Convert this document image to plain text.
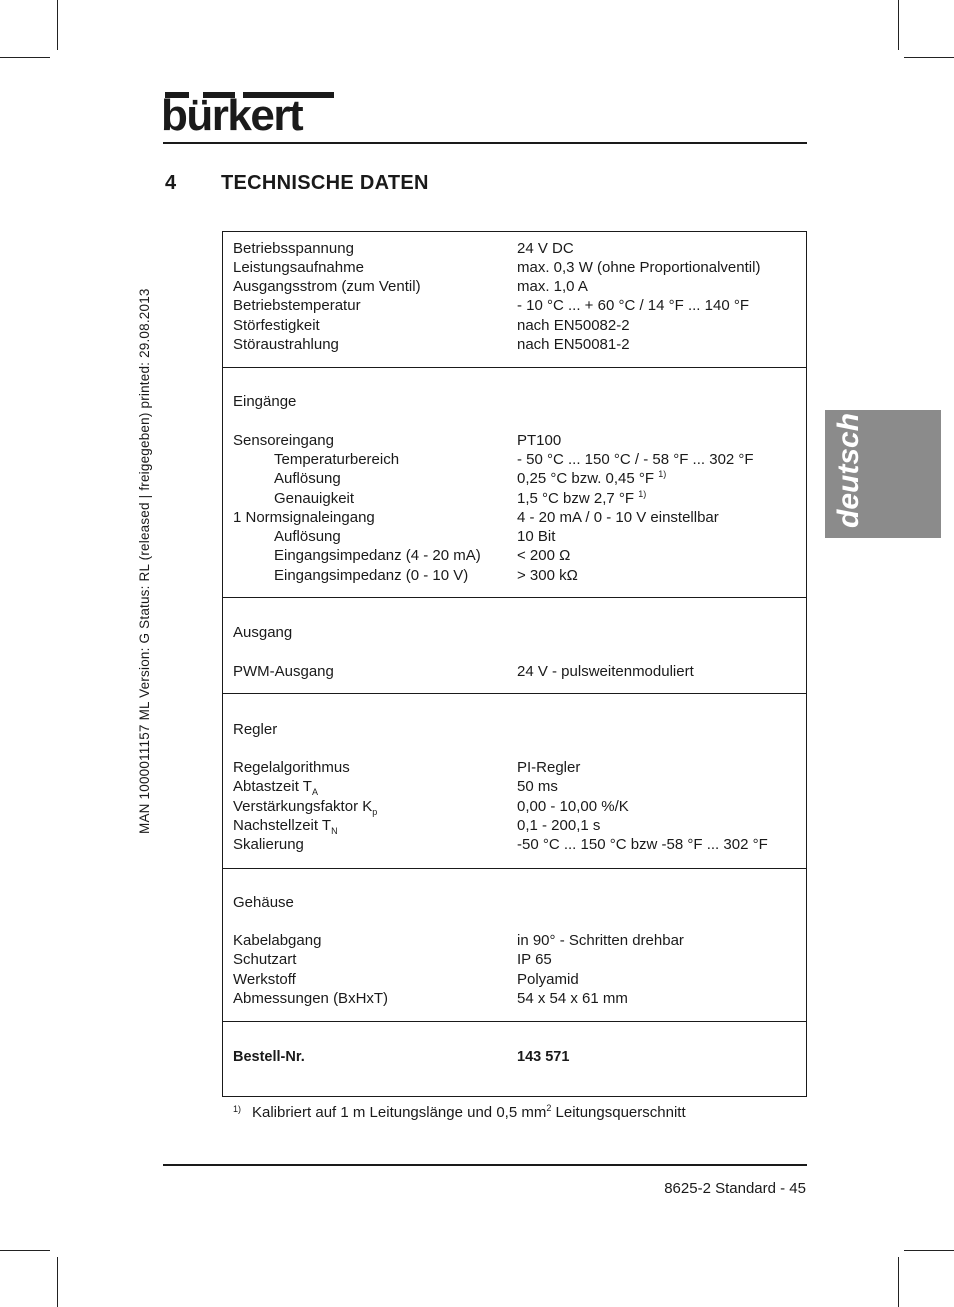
bürkert
4 TECHNISCHE DATEN
MAN 1000011157 ML Version: G Status: RL (released | freigegeben) printed: 29.08.2013	deutsch
Betriebsspannung	24 V DC
Leistungsaufnahme	max. 0,3 W (ohne Proportionalventil)
Ausgangsstrom (zum Ventil)	max. 1,0 A
Betriebstemperatur	- 10 °C ... + 60 °C / 14 °F ... 140 °F
Störfestigkeit	nach EN50082-2
Störaustrahlung	nach EN50081-2
Eingänge
Sensoreingang	PT100
Temperaturbereich	- 50 °C ... 150 °C / - 58 °F ... 302 °F
Auflösung	0,25 °C bzw. 0,45 °F $^{1)}$
Genauigkeit	1,5 °C bzw 2,7 °F $^{1)}$
1 Normsignaleingang	4 - 20 mA / 0 - 10 V einstellbar
Auflösung	10 Bit
Eingangsimpedanz (4 - 20 mA) < 200 Ω
Eingangsimpedanz (0 - 10 V)	> 300 kΩ
Ausgang
PWM-Ausgang	24 V - pulsweitenmoduliert
Regler
Regelalgorithmus	PI-Regler
Abtastzeit $T_A$	50 ms
Verstärkungsfaktor $K_p$	0,00 - 10,00 %/K
Nachstellzeit $T_N$	0,1 - 200,1 s
Skalierung	-50 °C ... 150 °C bzw -58 °F ... 302 °F
Gehäuse
Kabelabgang	in 90° - Schritten drehbar
Schutzart	IP 65
Werkstoff	Polyamid
Abmessungen (BxHxT)	54 x 54 x 61 mm
Bestell-Nr.	143 571
1) Kalibriert auf 1 m Leitungslänge und 0,5 $mm^2$ Leitungsquerschnitt
8625-2 Standard - 45
